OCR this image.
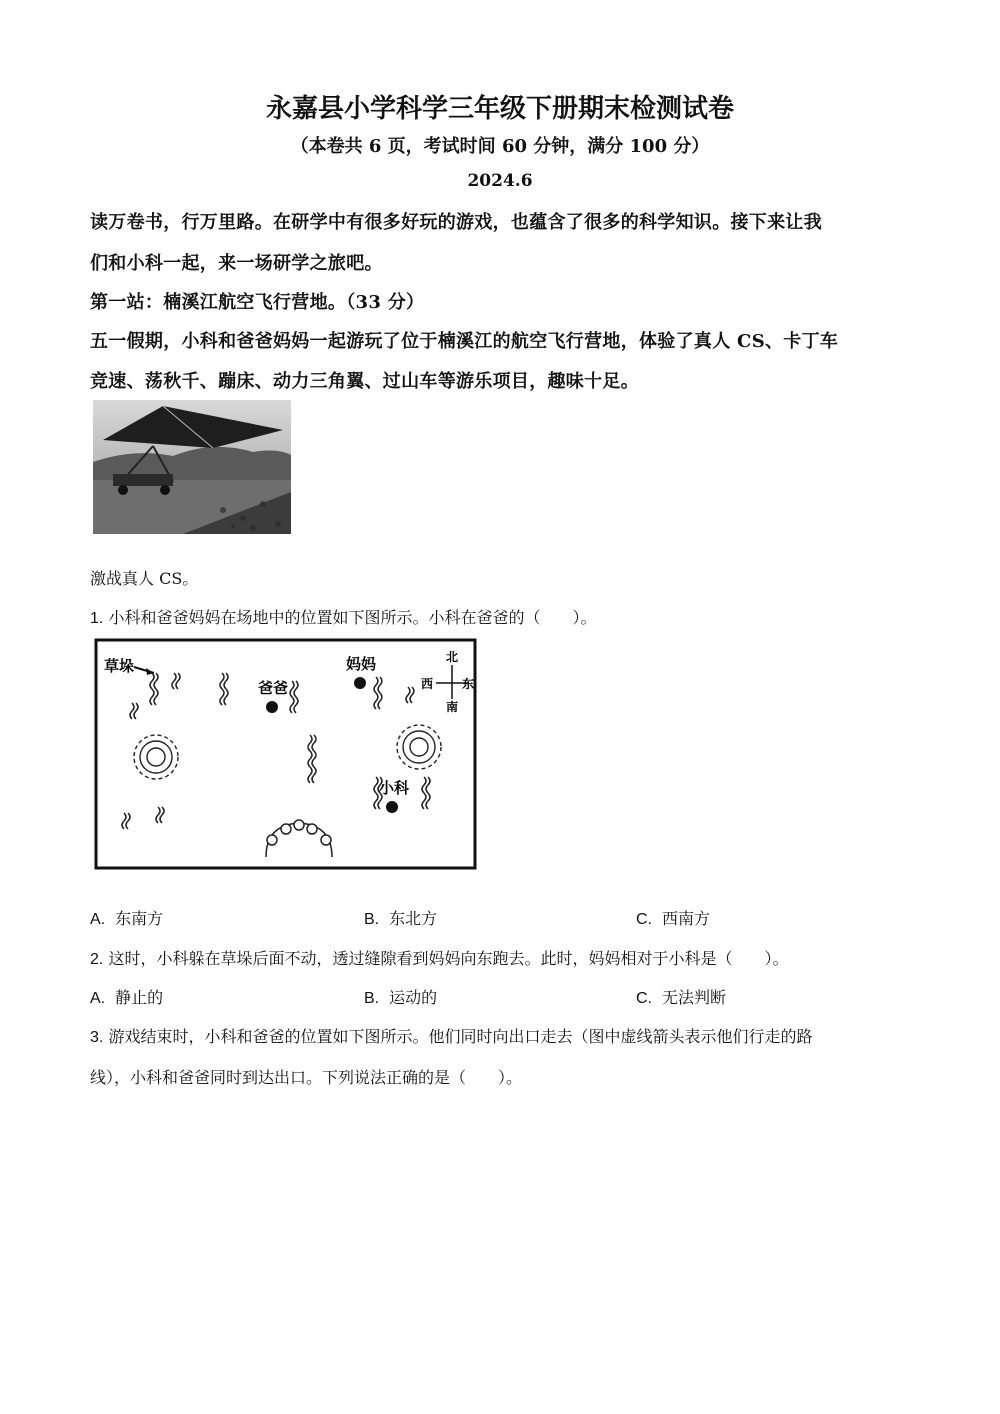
永嘉县小学科学三年级下册期末检测试卷
（本卷共 6 页，考试时间 60 分钟，满分 100 分）
2024.6
读万卷书，行万里路。在研学中有很多好玩的游戏，也蕴含了很多的科学知识。接下来让我
们和小科一起，来一场研学之旅吧。
第一站：楠溪江航空飞行营地。（33 分）
五一假期，小科和爸爸妈妈一起游玩了位于楠溪江的航空飞行营地，体验了真人 CS、卡丁车
竞速、荡秋千、蹦床、动力三角翼、过山车等游乐项目，趣味十足。
激战真人 CS。
1. 小科和爸爸妈妈在场地中的位置如下图所示。小科在爸爸的（　　）。
草垛
爸爸
妈妈
小科
北
南
西 东
A. 东南方	B. 东北方	C. 西南方
2. 这时，小科躲在草垛后面不动，透过缝隙看到妈妈向东跑去。此时，妈妈相对于小科是（　　）。
A. 静止的	B. 运动的	C. 无法判断
3. 游戏结束时，小科和爸爸的位置如下图所示。他们同时向出口走去（图中虚线箭头表示他们行走的路
线），小科和爸爸同时到达出口。下列说法正确的是（　　）。
